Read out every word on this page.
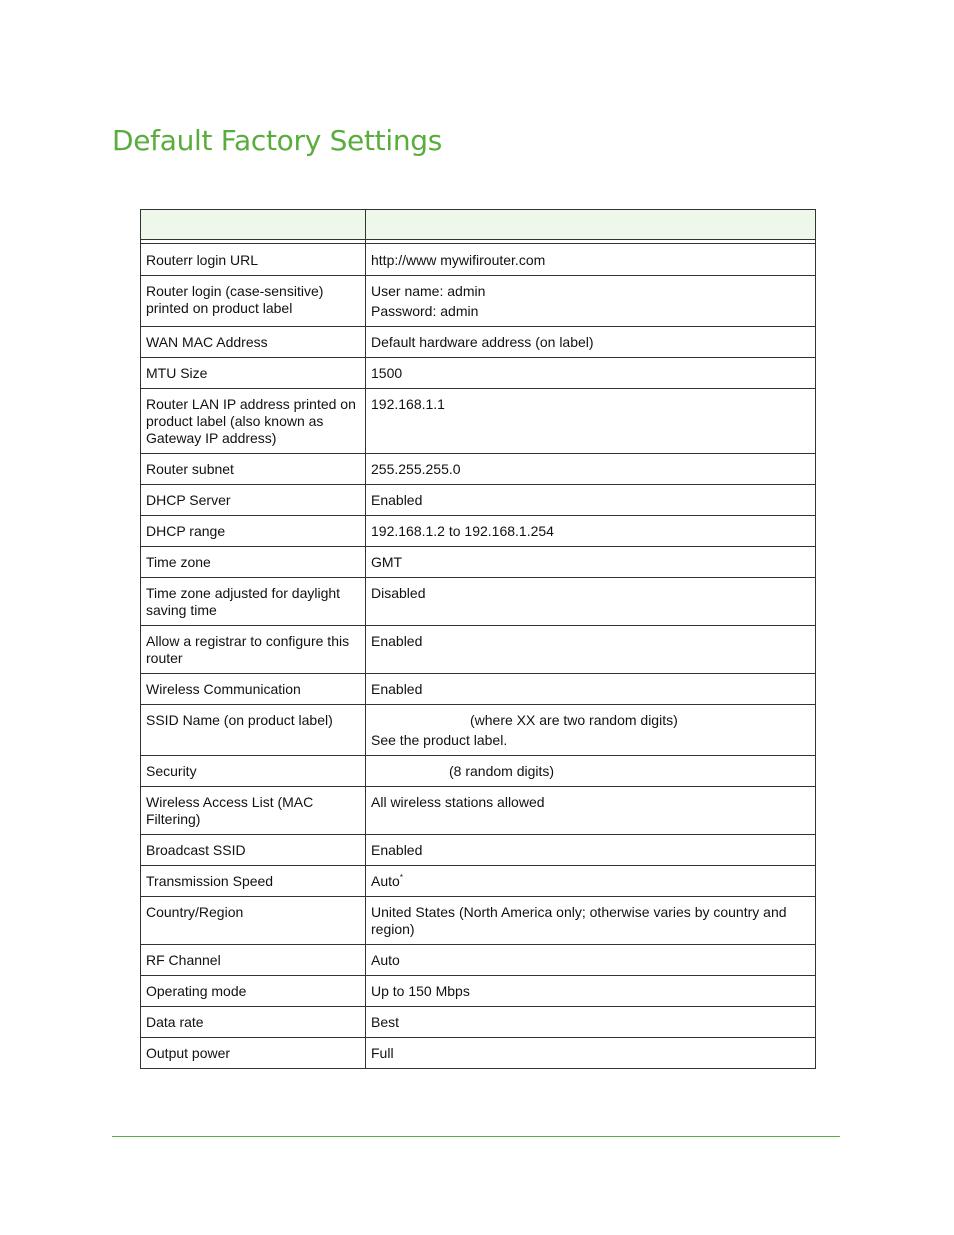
Default Factory Settings

Routerr login URL	http://www mywifirouter.com

Router login (case-sensitive) printed on product label	User name: admin
Password: admin

WAN MAC Address	Default hardware address (on label)

MTU Size	1500

Router LAN IP address printed on product label (also known as Gateway IP address)	192.168.1.1

Router subnet	255.255.255.0

DHCP Server	Enabled

DHCP range	192.168.1.2 to 192.168.1.254

Time zone	GMT

Time zone adjusted for daylight saving time	Disabled

Allow a registrar to configure this router	Enabled

Wireless Communication	Enabled

SSID Name (on product label)	(where XX are two random digits)
See the product label.

Security	(8 random digits)

Wireless Access List (MAC Filtering)	All wireless stations allowed

Broadcast SSID	Enabled

Transmission Speed	Auto*

Country/Region	United States (North America only; otherwise varies by country and region)

RF Channel	Auto

Operating mode	Up to 150 Mbps

Data rate	Best

Output power	Full
